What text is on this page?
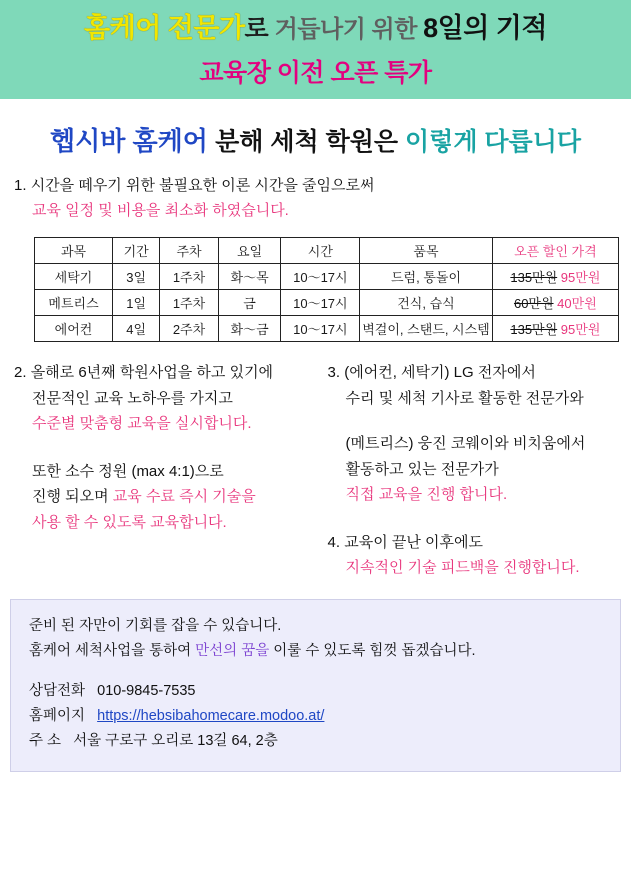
홈케어 전문가로 거듭나기 위한 8일의 기적
교육장 이전 오픈 특가
헵시바 홈케어 분해 세척 학원은 이렇게 다릅니다
1. 시간을 떼우기 위한 불필요한 이론 시간을 줄임으로써
교육 일정 및 비용을 최소화 하였습니다.
과목	기간	주차	요일	시간	품목	오픈 할인 가격
세탁기	3일	1주차	화〜목	10〜17시	드럼, 통돌이	135만원 95만원
메트리스	1일	1주차	금	10〜17시	건식, 습식	60만원 40만원
에어컨	4일	2주차	화〜금	10〜17시	벽걸이, 스탠드, 시스템	135만원 95만원
2. 올해로 6년째 학원사업을 하고 있기에
전문적인 교육 노하우를 가지고
수준별 맞춤형 교육을 실시합니다.
또한 소수 정원 (max 4:1)으로
진행 되오며 교육 수료 즉시 기술을
사용 할 수 있도록 교육합니다.
3. (에어컨, 세탁기) LG 전자에서
수리 및 세척 기사로 활동한 전문가와
(메트리스) 웅진 코웨이와 비치움에서
활동하고 있는 전문가가
직접 교육을 진행 합니다.
4. 교육이 끝난 이후에도
지속적인 기술 피드백을 진행합니다.
준비 된 자만이 기회를 잡을 수 있습니다.
홈케어 세척사업을 통하여 만선의 꿈을 이룰 수 있도록 힘껏 돕겠습니다.
상담전화 010-9845-7535
홈페이지 https://hebsibahomecare.modoo.at/
주 소 서울 구로구 오리로 13길 64, 2층
